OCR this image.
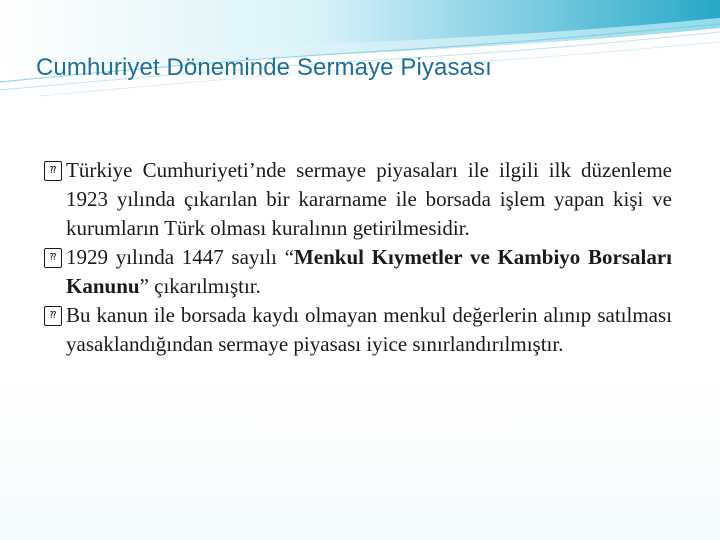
Cumhuriyet Döneminde Sermaye Piyasası
⁇ Türkiye Cumhuriyeti’nde sermaye piyasaları ile ilgili ilk düzenleme 1923 yılında çıkarılan bir kararname ile borsada işlem yapan kişi ve kurumların Türk olması kuralının getirilmesidir.
⁇ 1929 yılında 1447 sayılı “Menkul Kıymetler ve Kambiyo Borsaları Kanunu” çıkarılmıştır.
⁇ Bu kanun ile borsada kaydı olmayan menkul değerlerin alınıp satılması yasaklandığından sermaye piyasası iyice sınırlandırılmıştır.
